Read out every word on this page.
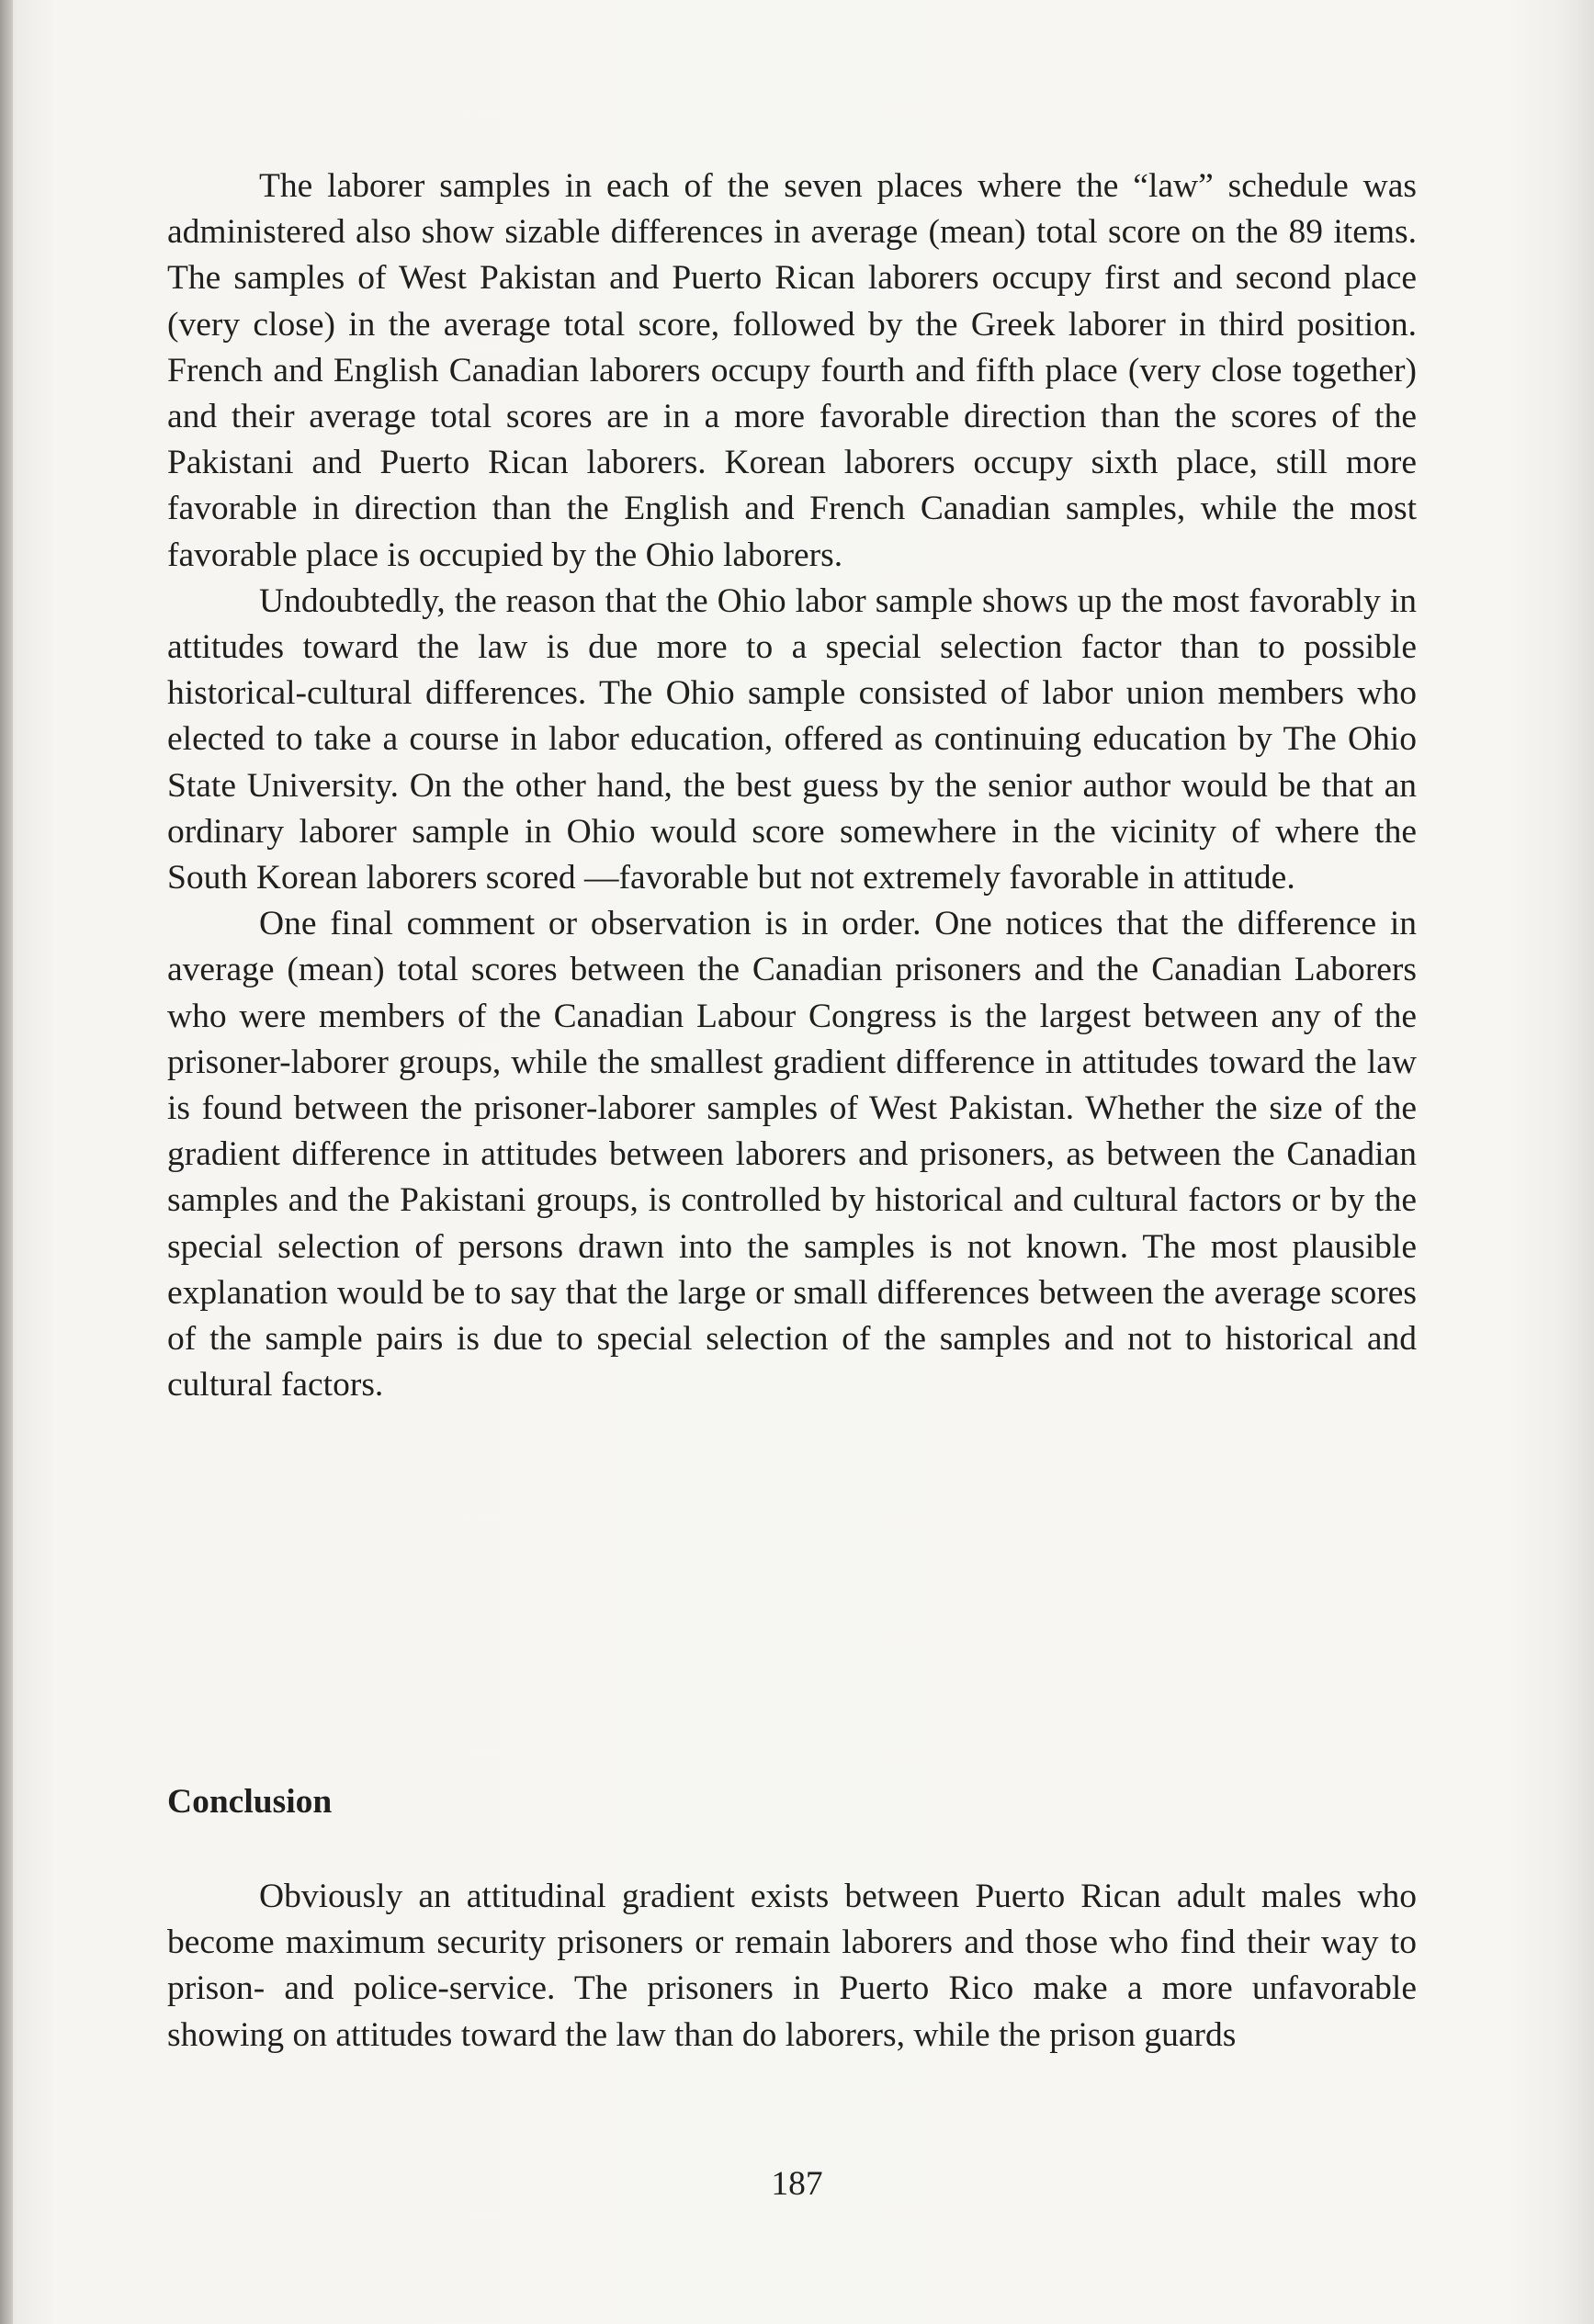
The laborer samples in each of the seven places where the “law” schedule was administered also show sizable differences in average (mean) total score on the 89 items. The samples of West Pakistan and Puerto Rican laborers occupy first and second place (very close) in the average total score, followed by the Greek laborer in third position. French and English Canadian laborers occupy fourth and fifth place (very close together) and their average total scores are in a more favorable direction than the scores of the Pakistani and Puerto Rican laborers. Korean laborers occupy sixth place, still more favorable in direction than the English and French Canadian samples, while the most favorable place is occupied by the Ohio laborers.

Undoubtedly, the reason that the Ohio labor sample shows up the most favorably in attitudes toward the law is due more to a special selection factor than to possible historical-cultural differences. The Ohio sample consisted of labor union members who elected to take a course in labor education, offered as continuing education by The Ohio State University. On the other hand, the best guess by the senior author would be that an ordinary laborer sample in Ohio would score somewhere in the vicinity of where the South Korean laborers scored —favorable but not extremely favorable in attitude.

One final comment or observation is in order. One notices that the difference in average (mean) total scores between the Canadian prisoners and the Canadian Laborers who were members of the Canadian Labour Congress is the largest between any of the prisoner-laborer groups, while the smallest gradient difference in attitudes toward the law is found between the prisoner-laborer samples of West Pakistan. Whether the size of the gradient difference in attitudes between laborers and prisoners, as between the Canadian samples and the Pakistani groups, is controlled by historical and cultural factors or by the special selection of persons drawn into the samples is not known. The most plausible explanation would be to say that the large or small differences between the average scores of the sample pairs is due to special selection of the samples and not to historical and cultural factors.

Conclusion

Obviously an attitudinal gradient exists between Puerto Rican adult males who become maximum security prisoners or remain laborers and those who find their way to prison- and police-service. The prisoners in Puerto Rico make a more unfavorable showing on attitudes toward the law than do laborers, while the prison guards

187
